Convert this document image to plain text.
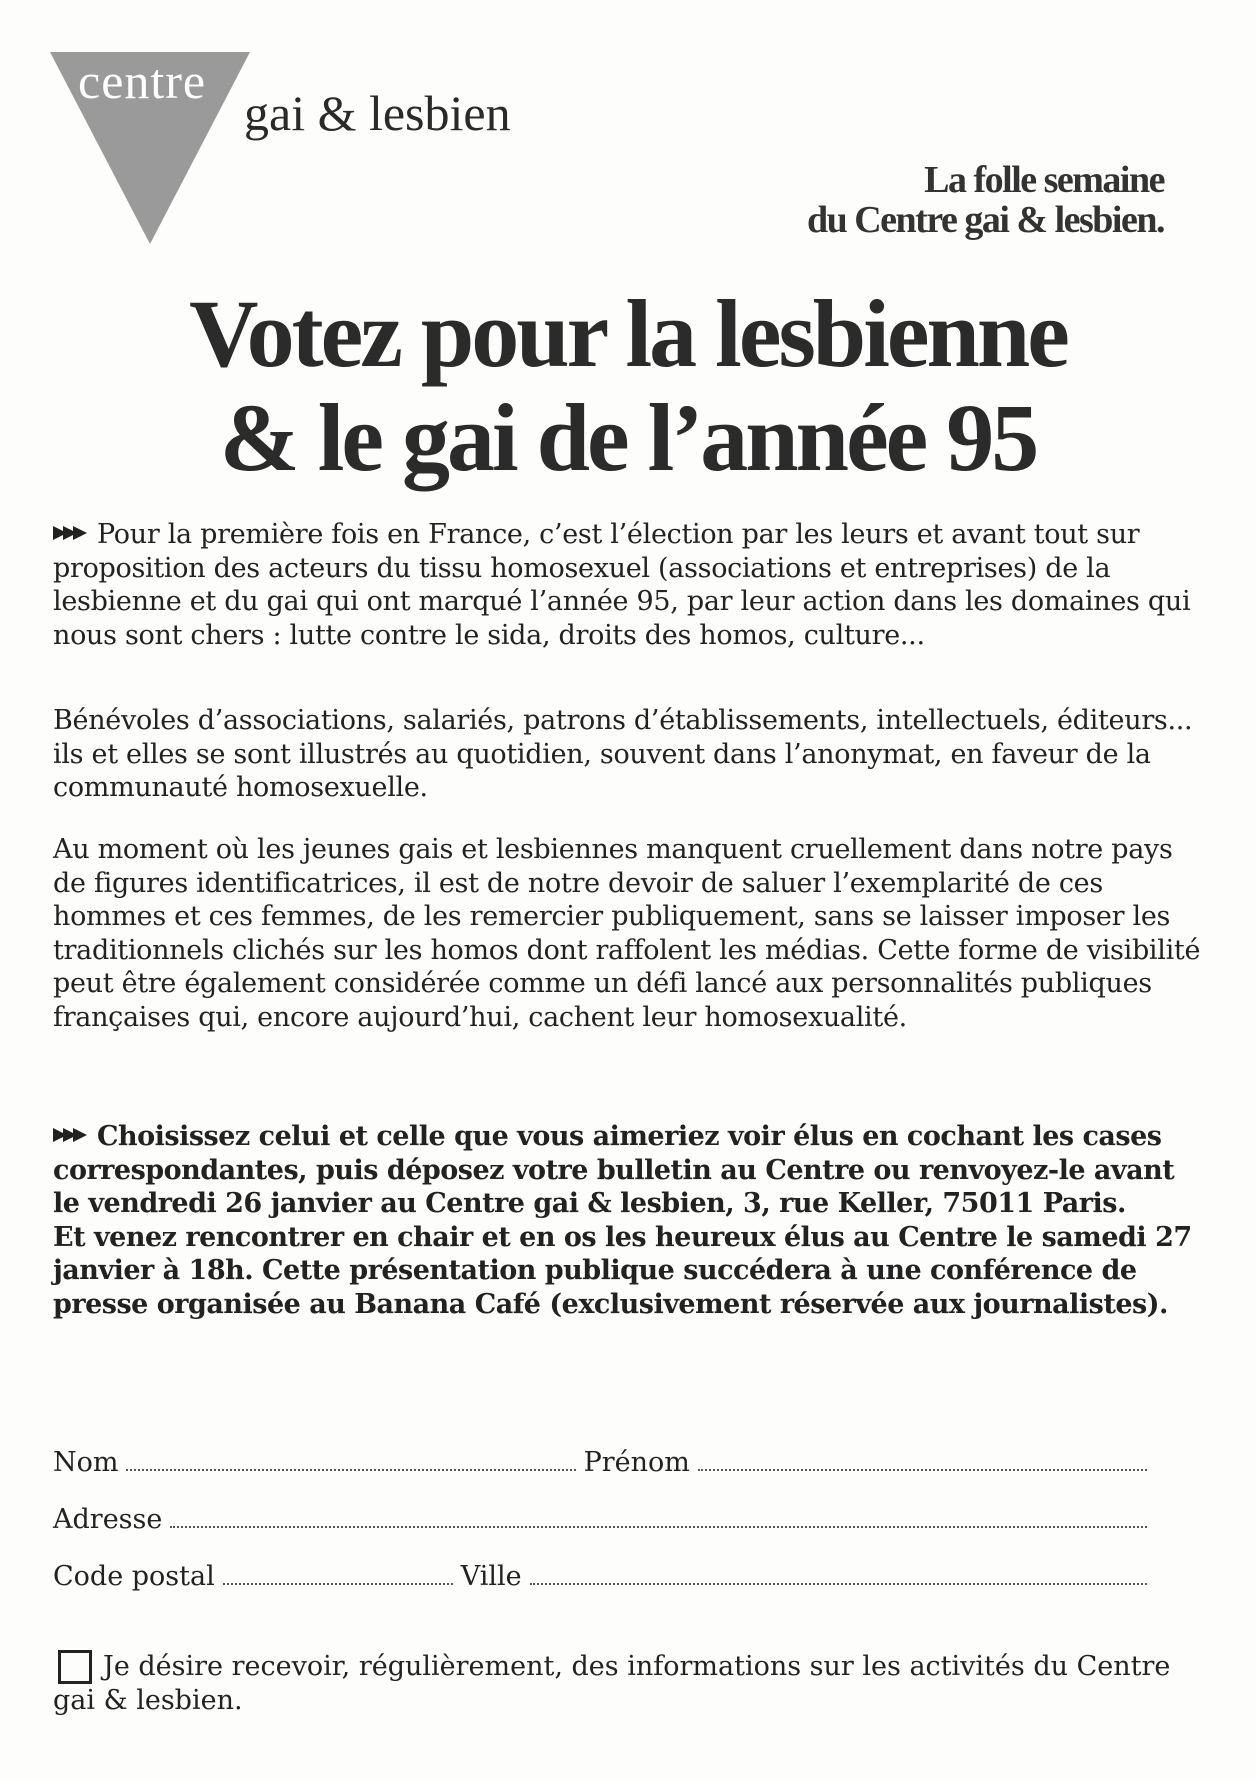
centre
gai & lesbien
La folle semaine
du Centre gai & lesbien.
Votez pour la lesbienne
& le gai de l’année 95

Pour la première fois en France, c’est l’élection par les leurs et avant tout sur proposition des acteurs du tissu homosexuel (associations et entreprises) de la lesbienne et du gai qui ont marqué l’année 95, par leur action dans les domaines qui nous sont chers : lutte contre le sida, droits des homos, culture...

Bénévoles d’associations, salariés, patrons d’établissements, intellectuels, éditeurs... ils et elles se sont illustrés au quotidien, souvent dans l’anonymat, en faveur de la communauté homosexuelle.

Au moment où les jeunes gais et lesbiennes manquent cruellement dans notre pays de figures identificatrices, il est de notre devoir de saluer l’exemplarité de ces hommes et ces femmes, de les remercier publiquement, sans se laisser imposer les traditionnels clichés sur les homos dont raffolent les médias. Cette forme de visibilité peut être également considérée comme un défi lancé aux personnalités publiques françaises qui, encore aujourd’hui, cachent leur homosexualité.

Choisissez celui et celle que vous aimeriez voir élus en cochant les cases correspondantes, puis déposez votre bulletin au Centre ou renvoyez-le avant le vendredi 26 janvier au Centre gai & lesbien, 3, rue Keller, 75011 Paris.

Et venez rencontrer en chair et en os les heureux élus au Centre le samedi 27 janvier à 18h. Cette présentation publique succédera à une conférence de presse organisée au Banana Café (exclusivement réservée aux journalistes).

Nom	Prénom
Adresse
Code postal	Ville
Je désire recevoir, régulièrement, des informations sur les activités du Centre gai & lesbien.
